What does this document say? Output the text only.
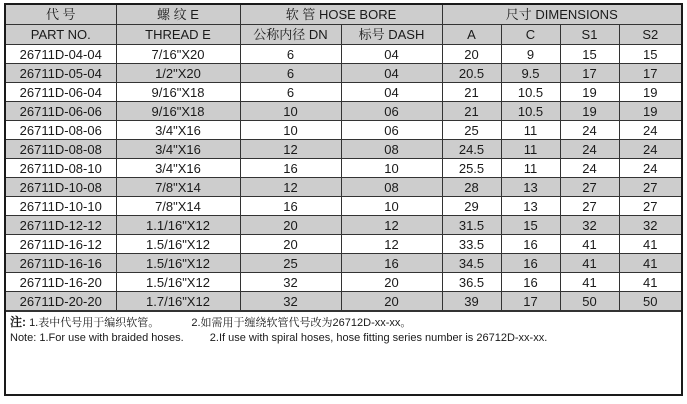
代 号	螺 纹 E	软 管 HOSE BORE		尺寸 DIMENSIONS			
PART NO.	THREAD E	公称内径 DN	标号 DASH	A	C	S1	S2
26711D-04-04	7/16"X20	6	04	20	9	15	15
26711D-05-04	1/2"X20	6	04	20.5	9.5	17	17
26711D-06-04	9/16"X18	6	04	21	10.5	19	19
26711D-06-06	9/16"X18	10	06	21	10.5	19	19
26711D-08-06	3/4"X16	10	06	25	11	24	24
26711D-08-08	3/4"X16	12	08	24.5	11	24	24
26711D-08-10	3/4"X16	16	10	25.5	11	24	24
26711D-10-08	7/8"X14	12	08	28	13	27	27
26711D-10-10	7/8"X14	16	10	29	13	27	27
26711D-12-12	1.1/16"X12	20	12	31.5	15	32	32
26711D-16-12	1.5/16"X12	20	12	33.5	16	41	41
26711D-16-16	1.5/16"X12	25	16	34.5	16	41	41
26711D-16-20	1.5/16"X12	32	20	36.5	16	41	41
26711D-20-20	1.7/16"X12	32	20	39	17	50	50
注: 1.表中代号用于编织软管。	2.如需用于缠绕软管代号改为26712D-xx-xx。
Note: 1.For use with braided hoses. 2.If use with spiral hoses, hose fitting series number is 26712D-xx-xx.
